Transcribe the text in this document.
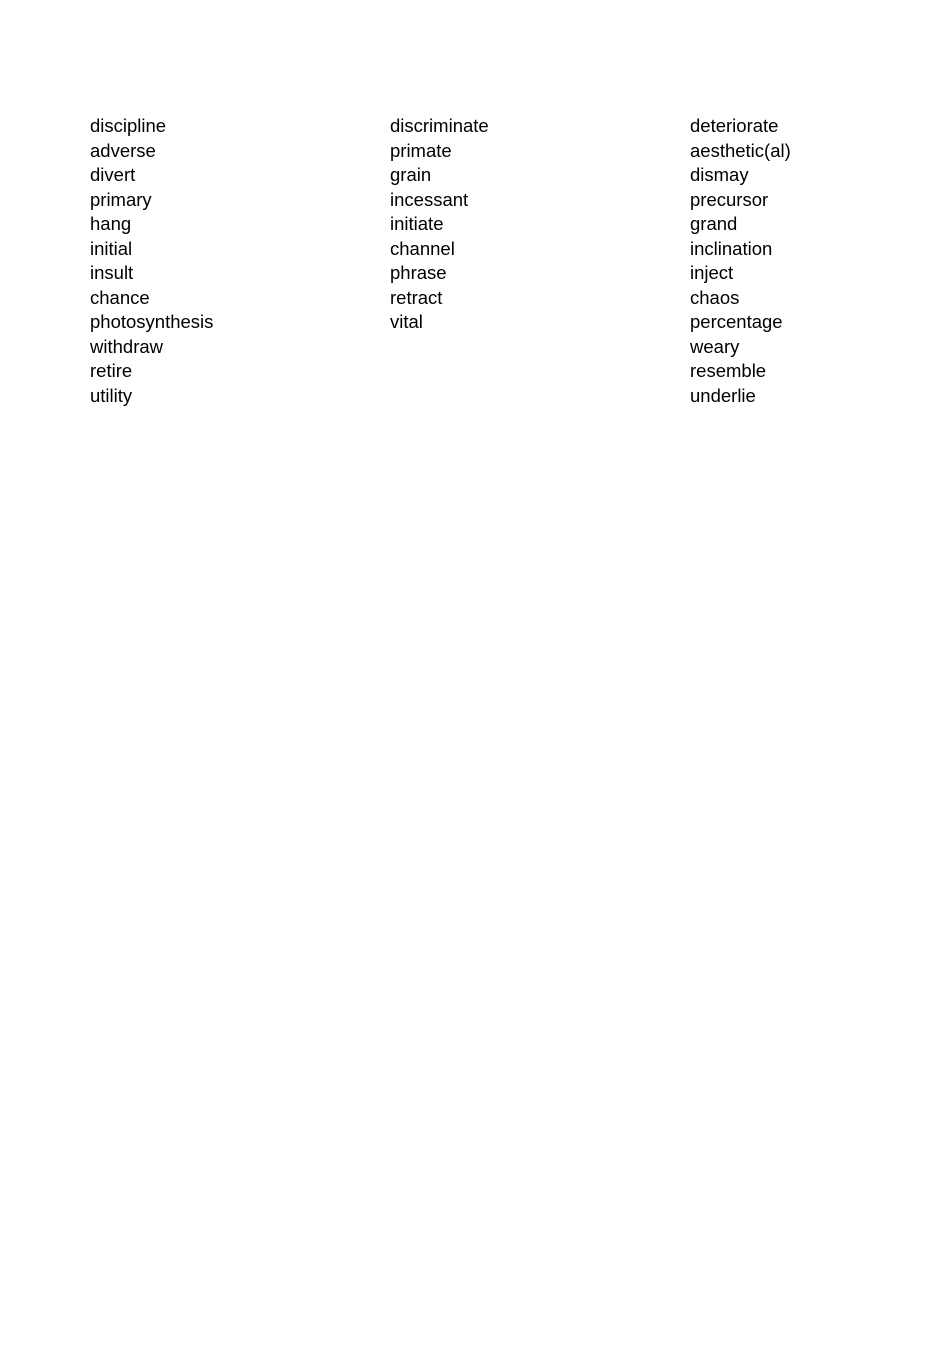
discipline
adverse
divert
primary
hang
initial
insult
chance
photosynthesis
withdraw
retire
utility
discriminate
primate
grain
incessant
initiate
channel
phrase
retract
vital
deteriorate
aesthetic(al)
dismay
precursor
grand
inclination
inject
chaos
percentage
weary
resemble
underlie
